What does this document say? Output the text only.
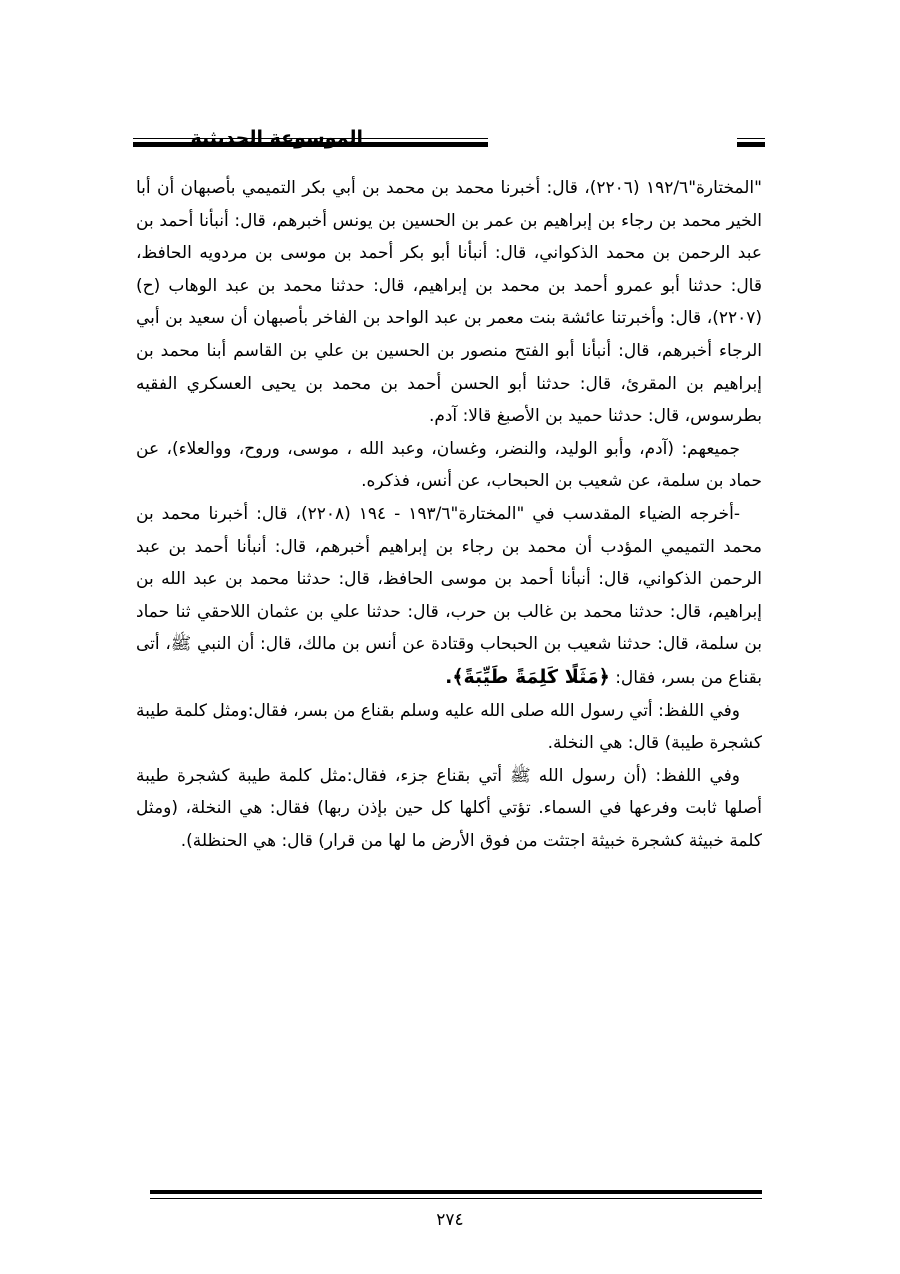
الموسوعة الحديثية

"المختارة"١٩٢/٦ (٢٢٠٦)، قال: أخبرنا محمد بن محمد بن أبي بكر التميمي بأصبهان أن أبا الخير محمد بن رجاء بن إبراهيم بن عمر بن الحسين بن يونس أخبرهم، قال: أنبأنا أحمد بن عبد الرحمن بن محمد الذكواني، قال: أنبأنا أبو بكر أحمد بن موسى بن مردويه الحافظ، قال: حدثنا أبو عمرو أحمد بن محمد بن إبراهيم، قال: حدثنا محمد بن عبد الوهاب (ح) (٢٢٠٧)، قال: وأخبرتنا عائشة بنت معمر بن عبد الواحد بن الفاخر بأصبهان أن سعيد بن أبي الرجاء أخبرهم، قال: أنبأنا أبو الفتح منصور بن الحسين بن علي بن القاسم أبنا محمد بن إبراهيم بن المقرئ، قال: حدثنا أبو الحسن أحمد بن محمد بن يحيى العسكري الفقيه بطرسوس، قال: حدثنا حميد بن الأصبغ قالا: آدم.

جميعهم: (آدم، وأبو الوليد، والنضر، وغسان، وعبد الله ، موسى، وروح، ووالعلاء)، عن حماد بن سلمة، عن شعيب بن الحبحاب، عن أنس، فذكره.

-أخرجه الضياء المقدسب في "المختارة"١٩٣/٦ - ١٩٤ (٢٢٠٨)، قال: أخبرنا محمد بن محمد التميمي المؤدب أن محمد بن رجاء بن إبراهيم أخبرهم، قال: أنبأنا أحمد بن عبد الرحمن الذكواني، قال: أنبأنا أحمد بن موسى الحافظ، قال: حدثنا محمد بن عبد الله بن إبراهيم، قال: حدثنا محمد بن غالب بن حرب، قال: حدثنا علي بن عثمان اللاحقي ثنا حماد بن سلمة، قال: حدثنا شعيب بن الحبحاب وقتادة عن أنس بن مالك، قال: أن النبي ﷺ، أتى بقناع من بسر، فقال: ﴿مَثَلًا كَلِمَةً طَيِّبَةً﴾.

وفي اللفظ: أتي رسول الله صلى الله عليه وسلم بقناع من بسر، فقال:ومثل كلمة طيبة كشجرة طيبة) قال: هي النخلة.

وفي اللفظ: (أن رسول الله ﷺ أتي بقناع جزء، فقال:مثل كلمة طيبة كشجرة طيبة أصلها ثابت وفرعها في السماء. تؤتي أكلها كل حين بإذن ربها) فقال: هي النخلة، (ومثل كلمة خبيثة كشجرة خبيثة اجتثت من فوق الأرض ما لها من قرار) قال: هي الحنظلة).

٢٧٤
